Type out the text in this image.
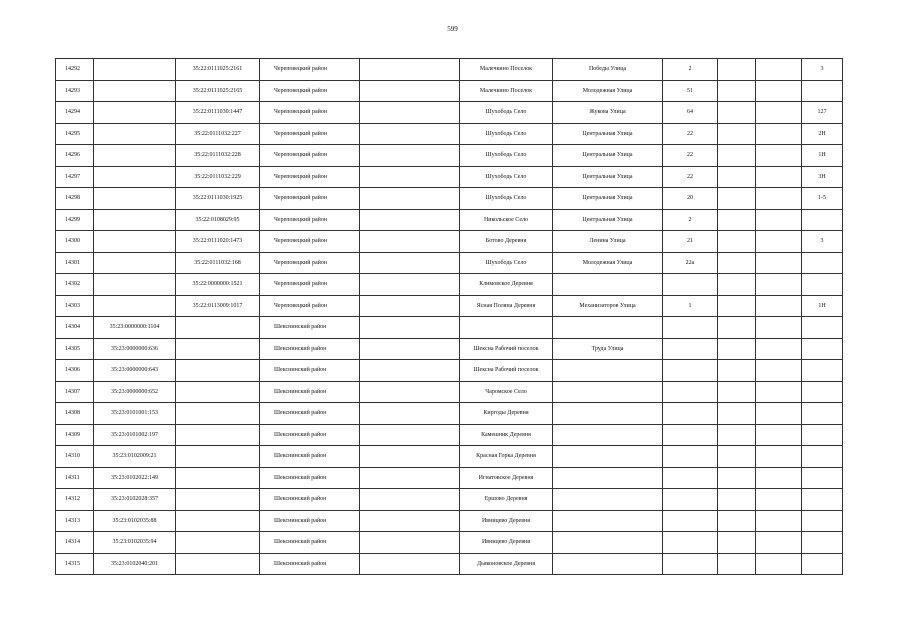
599
14292		35:22:0111025:2161	Череповецкий район		Малечкино Поселок	Победы Улица	2			3
14293		35:22:0111025:2165	Череповецкий район		Малечкино Поселок	Молодежная Улица	51			
14294		35:22:0111030:1447	Череповецкий район		Шухободь Село	Жукова Улица	64			127
14295		35:22:0111032:227	Череповецкий район		Шухободь Село	Центральная Улица	22			2Н
14296		35:22:0111032:228	Череповецкий район		Шухободь Село	Центральная Улица	22			1Н
14297		35:22:0111032:229	Череповецкий район		Шухободь Село	Центральная Улица	22			3Н
14298		35:22:0111030:1925	Череповецкий район		Шухободь Село	Центральная Улица	20			1-5
14299		35:22:0108029:95	Череповецкий район		Никольское Село	Центральная Улица	2			
14300		35:22:0111020:1473	Череповецкий район		Ботово Деревня	Ленина Улица	21			3
14301		35:22:0111032:168	Череповецкий район		Шухободь Село	Молодежная Улица	22а			
14302		35:22:0000000:1521	Череповецкий район		Климовское Деревня					
14303		35:22:0113009:1017	Череповецкий район		Ясная Поляна Деревня	Механизаторов Улица	1			1Н
14304	35:23:0000000:1104		Шекснинский район							
14305	35:23:0000000:636		Шекснинский район		Шексна Рабочий поселок	Труда Улица				
14306	35:23:0000000:643		Шекснинский район		Шексна Рабочий поселок					
14307	35:23:0000000:652		Шекснинский район		Чаромское Село					
14308	35:23:0101001:153		Шекснинский район		Киргоды Деревня					
14309	35:23:0101002:197		Шекснинский район		Камешник Деревня					
14310	35:23:0102009:21		Шекснинский район		Красная Горка Деревня					
14311	35:23:0102022:149		Шекснинский район		Игнатовское Деревня					
14312	35:23:0102028:357		Шекснинский район		Ершово Деревня					
14313	35:23:0102035:88		Шекснинский район		Ивницево Деревня					
14314	35:23:0102035:94		Шекснинский район		Ивницево Деревня					
14315	35:23:0102040:201		Шекснинский район		Дьяконовское Деревня					
